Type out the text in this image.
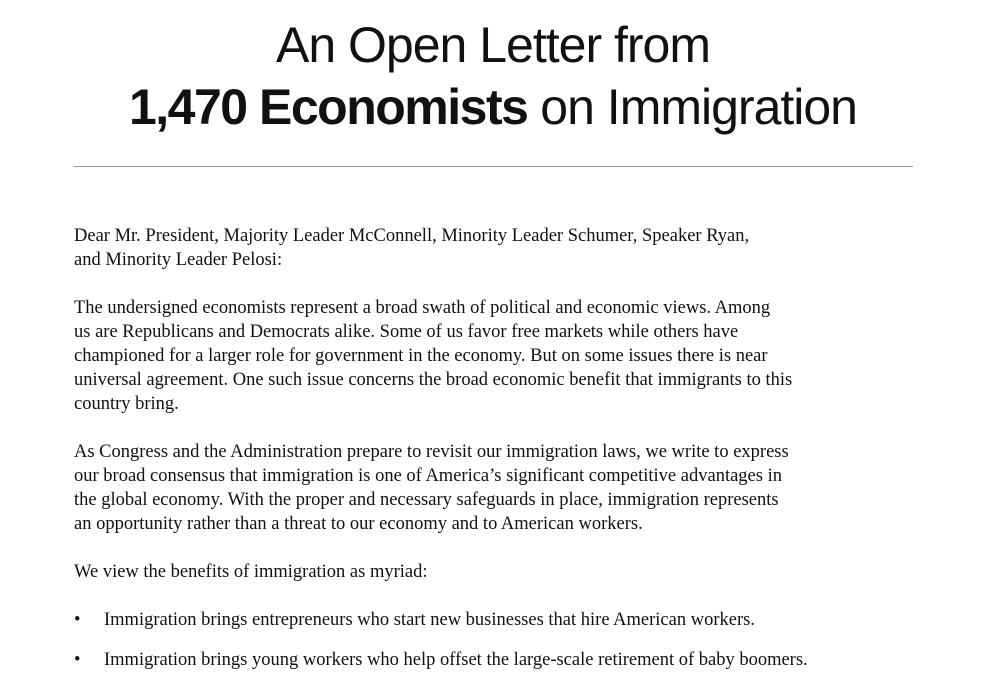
An Open Letter from
1,470 Economists on Immigration

Dear Mr. President, Majority Leader McConnell, Minority Leader Schumer, Speaker Ryan,
and Minority Leader Pelosi:

The undersigned economists represent a broad swath of political and economic views. Among
us are Republicans and Democrats alike. Some of us favor free markets while others have
championed for a larger role for government in the economy. But on some issues there is near
universal agreement. One such issue concerns the broad economic benefit that immigrants to this
country bring.

As Congress and the Administration prepare to revisit our immigration laws, we write to express
our broad consensus that immigration is one of America’s significant competitive advantages in
the global economy. With the proper and necessary safeguards in place, immigration represents
an opportunity rather than a threat to our economy and to American workers.

We view the benefits of immigration as myriad:

• Immigration brings entrepreneurs who start new businesses that hire American workers.
• Immigration brings young workers who help offset the large-scale retirement of baby boomers.
